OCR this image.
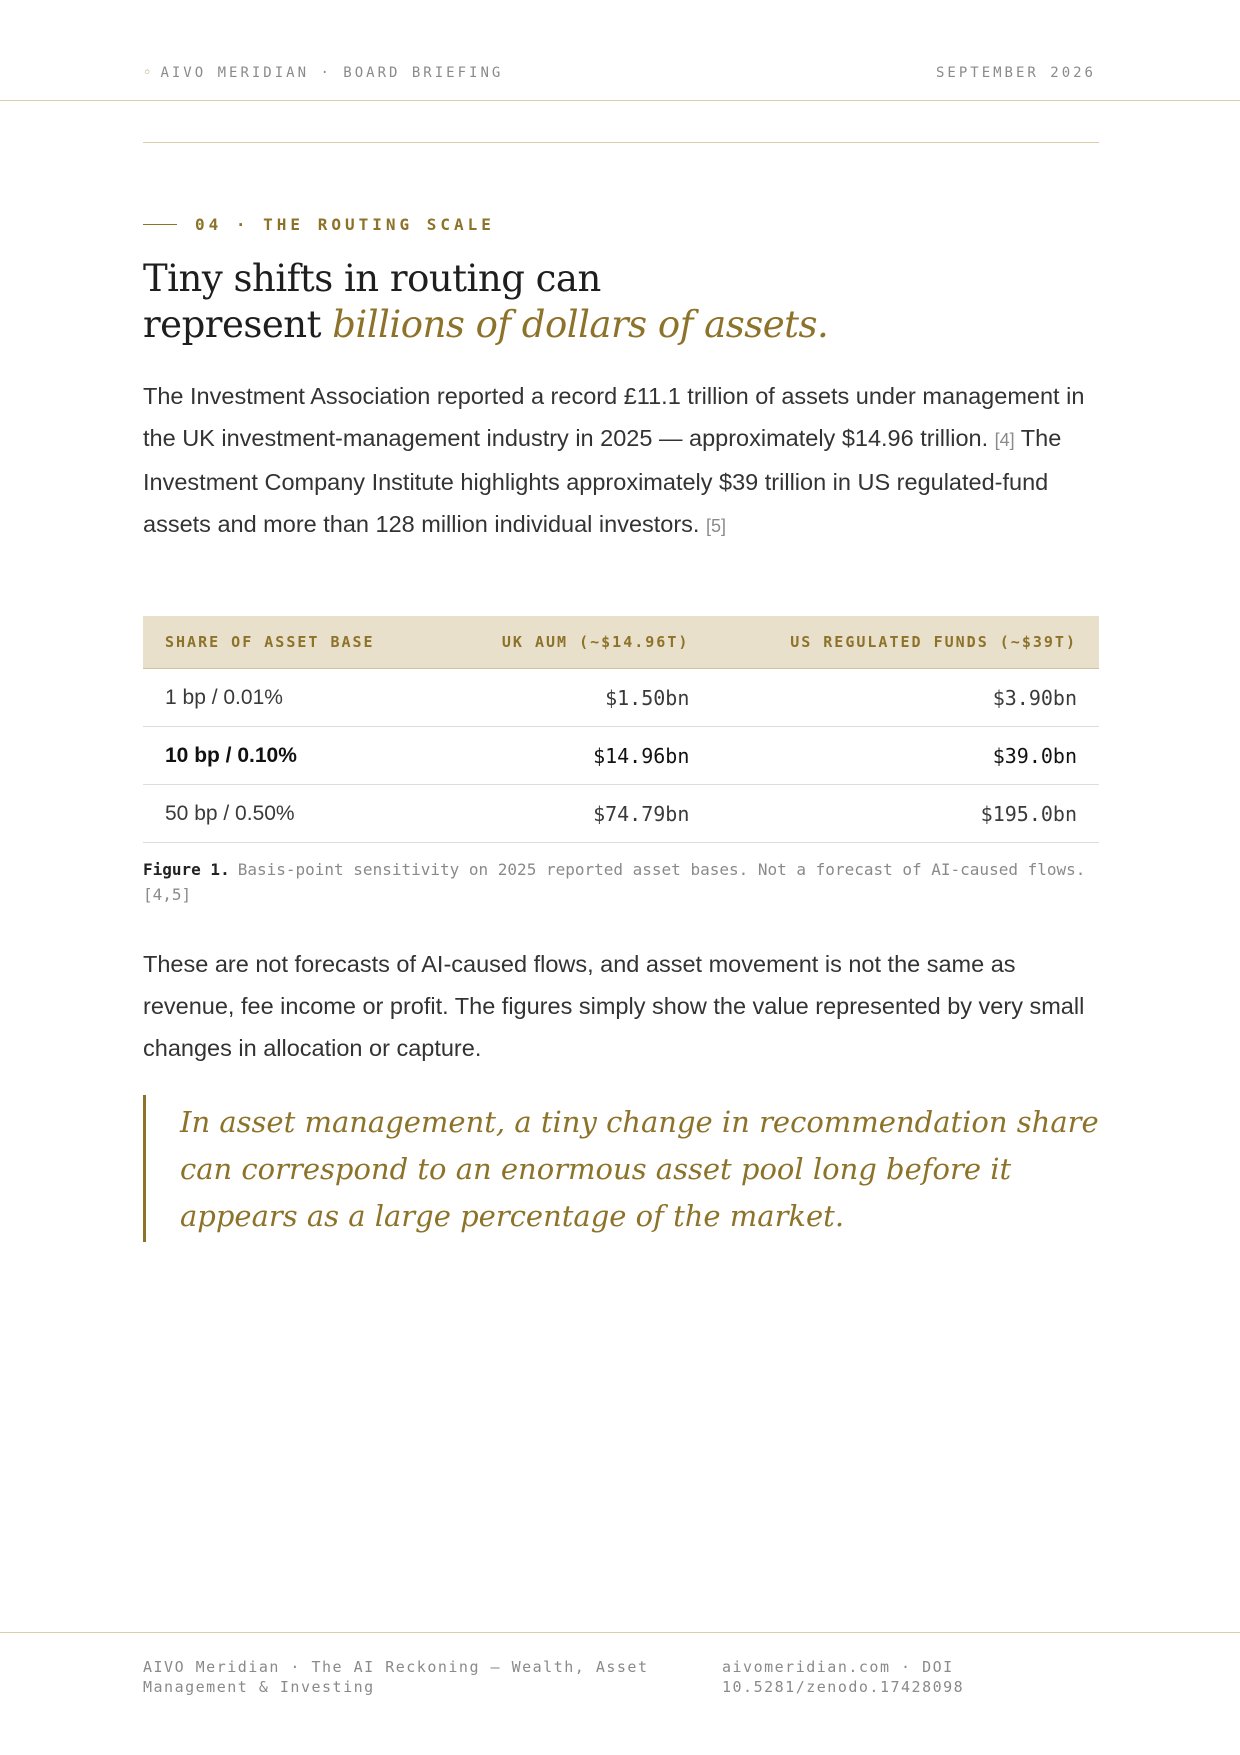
◦ AIVO MERIDIAN · BOARD BRIEFING	SEPTEMBER 2026
04 · THE ROUTING SCALE
Tiny shifts in routing can
represent billions of dollars of assets.

The Investment Association reported a record £11.1 trillion of assets under management in the UK investment-management industry in 2025 — approximately $14.96 trillion. [4] The Investment Company Institute highlights approximately $39 trillion in US regulated-fund assets and more than 128 million individual investors. [5]

SHARE OF ASSET BASE	UK AUM (~$14.96T)	US REGULATED FUNDS (~$39T)
1 bp / 0.01%	$1.50bn	$3.90bn
10 bp / 0.10%	$14.96bn	$39.0bn
50 bp / 0.50%	$74.79bn	$195.0bn
Figure 1. Basis-point sensitivity on 2025 reported asset bases. Not a forecast of AI-caused flows. [4,5]

These are not forecasts of AI-caused flows, and asset movement is not the same as revenue, fee income or profit. The figures simply show the value represented by very small changes in allocation or capture.

In asset management, a tiny change in recommendation share can correspond to an enormous asset pool long before it appears as a large percentage of the market.

AIVO Meridian · The AI Reckoning — Wealth, Asset Management & Investing
aivomeridian.com · DOI 10.5281/zenodo.17428098
